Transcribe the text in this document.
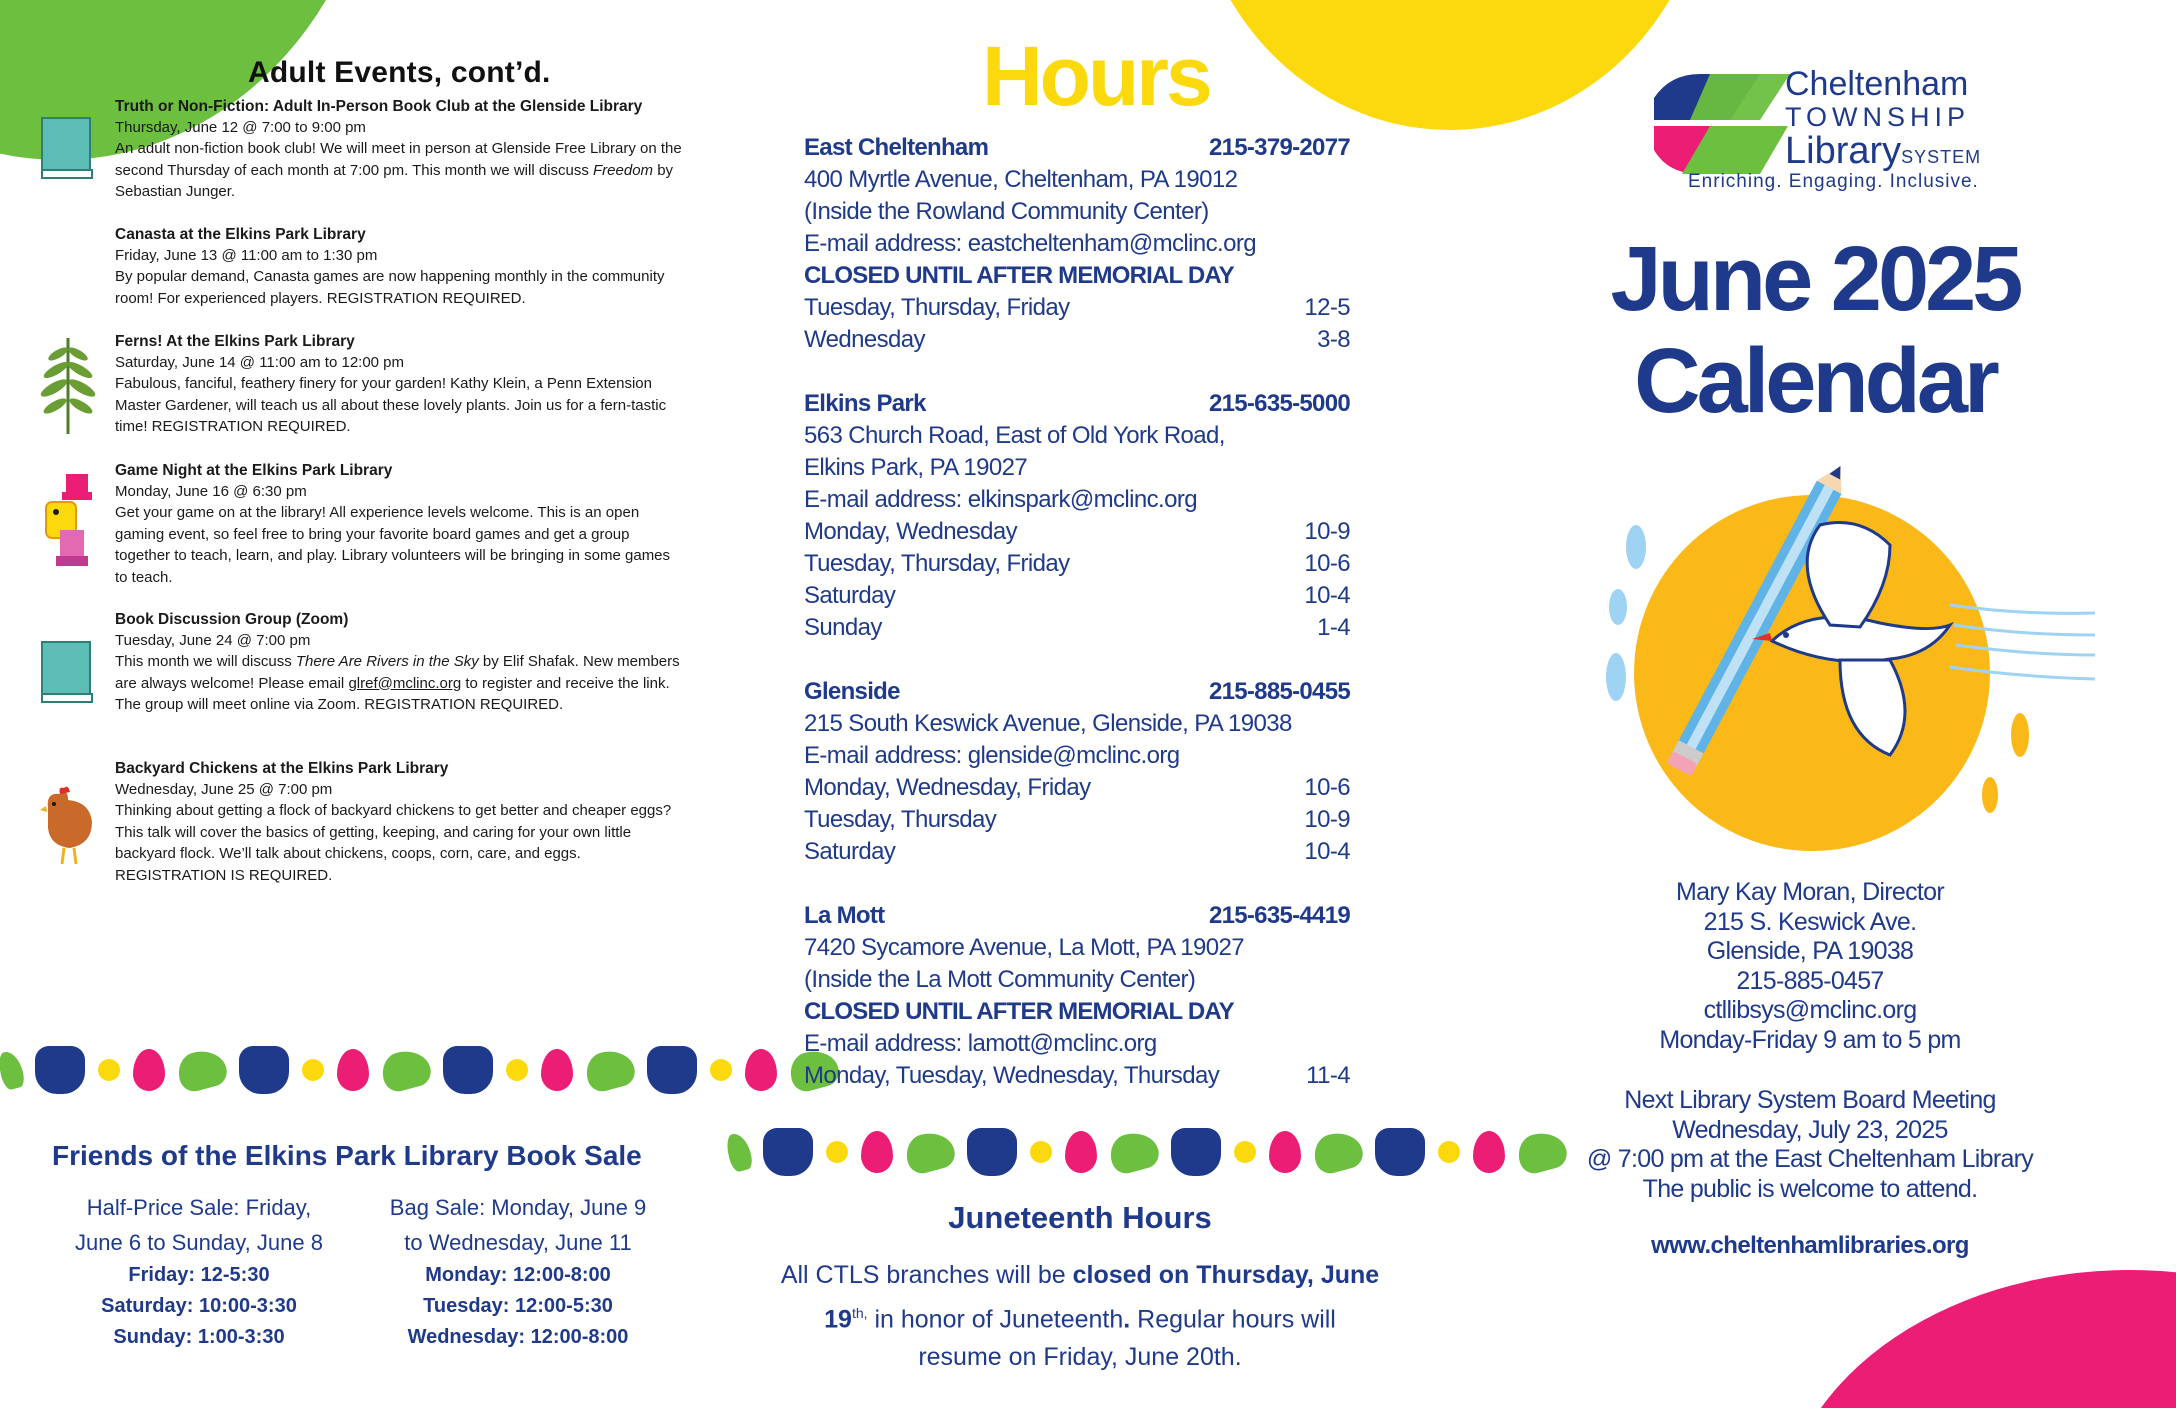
Adult Events, cont’d.
Truth or Non-Fiction: Adult In-Person Book Club at the Glenside Library
Thursday, June 12 @ 7:00 to 9:00 pm
An adult non-fiction book club! We will meet in person at Glenside Free Library on the second Thursday of each month at 7:00 pm. This month we will discuss Freedom by Sebastian Junger.
Canasta at the Elkins Park Library
Friday, June 13 @ 11:00 am to 1:30 pm
By popular demand, Canasta games are now happening monthly in the community room! For experienced players. REGISTRATION REQUIRED.
Ferns! At the Elkins Park Library
Saturday, June 14 @ 11:00 am to 12:00 pm
Fabulous, fanciful, feathery finery for your garden! Kathy Klein, a Penn Extension Master Gardener, will teach us all about these lovely plants. Join us for a fern-tastic time! REGISTRATION REQUIRED.
Game Night at the Elkins Park Library
Monday, June 16 @ 6:30 pm
Get your game on at the library! All experience levels welcome. This is an open gaming event, so feel free to bring your favorite board games and get a group together to teach, learn, and play. Library volunteers will be bringing in some games to teach.
Book Discussion Group (Zoom)
Tuesday, June 24 @ 7:00 pm
This month we will discuss There Are Rivers in the Sky by Elif Shafak. New members are always welcome! Please email glref@mclinc.org to register and receive the link. The group will meet online via Zoom. REGISTRATION REQUIRED.
Backyard Chickens at the Elkins Park Library
Wednesday, June 25 @ 7:00 pm
Thinking about getting a flock of backyard chickens to get better and cheaper eggs? This talk will cover the basics of getting, keeping, and caring for your own little backyard flock. We’ll talk about chickens, coops, corn, care, and eggs. REGISTRATION IS REQUIRED.
Friends of the Elkins Park Library Book Sale
Half-Price Sale: Friday,
June 6 to Sunday, June 8
Friday: 12-5:30
Saturday: 10:00-3:30
Sunday: 1:00-3:30
Bag Sale: Monday, June 9
to Wednesday, June 11
Monday: 12:00-8:00
Tuesday: 12:00-5:30
Wednesday: 12:00-8:00
Hours
East Cheltenham	215-379-2077
400 Myrtle Avenue, Cheltenham, PA 19012
(Inside the Rowland Community Center)
E-mail address: eastcheltenham@mclinc.org
CLOSED UNTIL AFTER MEMORIAL DAY
Tuesday, Thursday, Friday	12-5
Wednesday	3-8
Elkins Park	215-635-5000
563 Church Road, East of Old York Road,
Elkins Park, PA 19027
E-mail address: elkinspark@mclinc.org
Monday, Wednesday	10-9
Tuesday, Thursday, Friday	10-6
Saturday	10-4
Sunday	1-4
Glenside	215-885-0455
215 South Keswick Avenue, Glenside, PA 19038
E-mail address: glenside@mclinc.org
Monday, Wednesday, Friday	10-6
Tuesday, Thursday	10-9
Saturday	10-4
La Mott	215-635-4419
7420 Sycamore Avenue, La Mott, PA 19027
(Inside the La Mott Community Center)
CLOSED UNTIL AFTER MEMORIAL DAY
E-mail address: lamott@mclinc.org
Monday, Tuesday, Wednesday, Thursday	11-4
Juneteenth Hours
All CTLS branches will be closed on Thursday, June $19^{th,}$ in honor of Juneteenth. Regular hours will resume on Friday, June 20th.
Cheltenham
TOWNSHIP
LibrarySYSTEM
Enriching. Engaging. Inclusive.
June 2025
Calendar
Mary Kay Moran, Director
215 S. Keswick Ave.
Glenside, PA 19038
215-885-0457
ctllibsys@mclinc.org
Monday-Friday 9 am to 5 pm
Next Library System Board Meeting
Wednesday, July 23, 2025
@ 7:00 pm at the East Cheltenham Library
The public is welcome to attend.
www.cheltenhamlibraries.org
